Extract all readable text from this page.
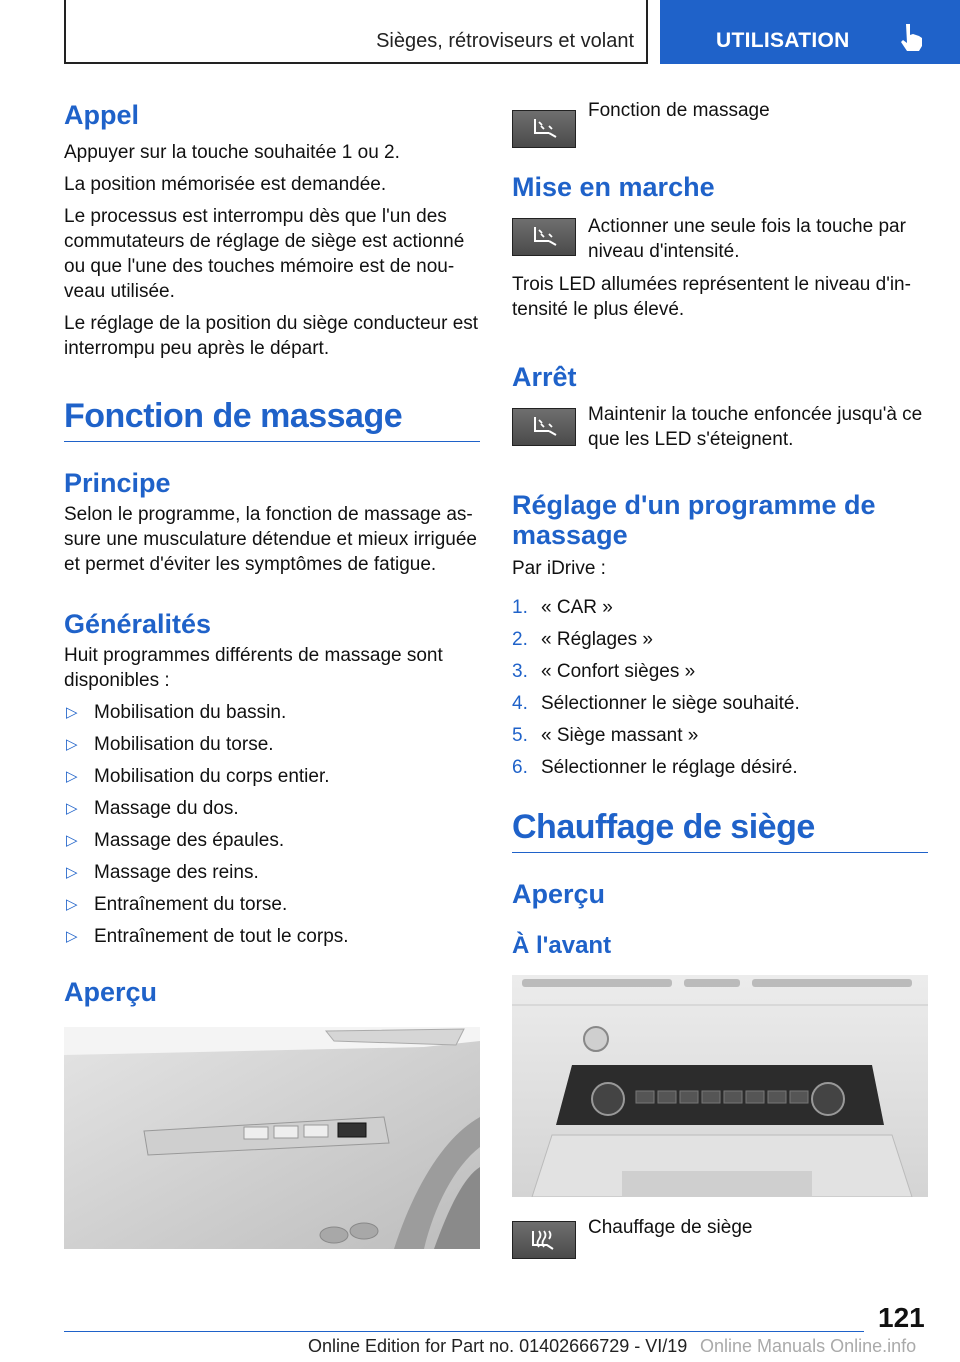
Sièges, rétroviseurs et volant	UTILISATION
Appel

Appuyer sur la touche souhaitée 1 ou 2.

La position mémorisée est demandée.

Le processus est interrompu dès que l'un des commutateurs de réglage de siège est actionné ou que l'une des touches mémoire est de nouveau utilisée.

Le réglage de la position du siège conducteur est interrompu peu après le départ.

Fonction de massage
Principe

Selon le programme, la fonction de massage assure une musculature détendue et mieux irriguée et permet d'éviter les symptômes de fatigue.

Généralités

Huit programmes différents de massage sont disponibles :

▷ Mobilisation du bassin.
▷ Mobilisation du torse.
▷ Mobilisation du corps entier.
▷ Massage du dos.
▷ Massage des épaules.
▷ Massage des reins.
▷ Entraînement du torse.
▷ Entraînement de tout le corps.
Aperçu
Fonction de massage
Mise en marche
Actionner une seule fois la touche par niveau d'intensité.

Trois LED allumées représentent le niveau d'intensité le plus élevé.

Arrêt
Maintenir la touche enfoncée jusqu'à ce que les LED s'éteignent.
Réglage d'un programme de massage

Par iDrive :

1. « CAR »
2. « Réglages »
3. « Confort sièges »
4. Sélectionner le siège souhaité.
5. « Siège massant »
6. Sélectionner le réglage désiré.
Chauffage de siège
Aperçu
À l'avant
Chauffage de siège
121
Online Edition for Part no. 01402666729 - VI/19 Online Manuals Online.info
